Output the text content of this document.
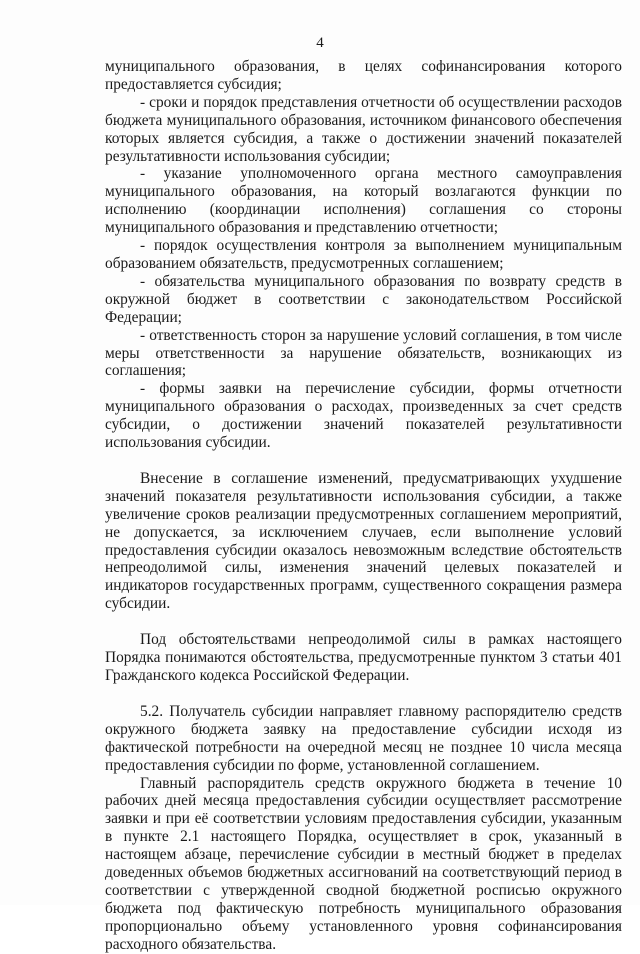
4

муниципального образования, в целях софинансирования которого предоставляется субсидия;

- сроки и порядок представления отчетности об осуществлении расходов бюджета муниципального образования, источником финансового обеспечения которых является субсидия, а также о достижении значений показателей результативности использования субсидии;

- указание уполномоченного органа местного самоуправления муниципального образования, на который возлагаются функции по исполнению (координации исполнения) соглашения со стороны муниципального образования и представлению отчетности;

- порядок осуществления контроля за выполнением муниципальным образованием обязательств, предусмотренных соглашением;

- обязательства муниципального образования по возврату средств в окружной бюджет в соответствии с законодательством Российской Федерации;

- ответственность сторон за нарушение условий соглашения, в том числе меры ответственности за нарушение обязательств, возникающих из соглашения;

- формы заявки на перечисление субсидии, формы отчетности муниципального образования о расходах, произведенных за счет средств субсидии, о достижении значений показателей результативности использования субсидии.

Внесение в соглашение изменений, предусматривающих ухудшение значений показателя результативности использования субсидии, а также увеличение сроков реализации предусмотренных соглашением мероприятий, не допускается, за исключением случаев, если выполнение условий предоставления субсидии оказалось невозможным вследствие обстоятельств непреодолимой силы, изменения значений целевых показателей и индикаторов государственных программ, существенного сокращения размера субсидии.

Под обстоятельствами непреодолимой силы в рамках настоящего Порядка понимаются обстоятельства, предусмотренные пунктом 3 статьи 401 Гражданского кодекса Российской Федерации.

5.2. Получатель субсидии направляет главному распорядителю средств окружного бюджета заявку на предоставление субсидии исходя из фактической потребности на очередной месяц не позднее 10 числа месяца предоставления субсидии по форме, установленной соглашением.

Главный распорядитель средств окружного бюджета в течение 10 рабочих дней месяца предоставления субсидии осуществляет рассмотрение заявки и при её соответствии условиям предоставления субсидии, указанным в пункте 2.1 настоящего Порядка, осуществляет в срок, указанный в настоящем абзаце, перечисление субсидии в местный бюджет в пределах доведенных объемов бюджетных ассигнований на соответствующий период в соответствии с утвержденной сводной бюджетной росписью окружного бюджета под фактическую потребность муниципального образования пропорционально объему установленного уровня софинансирования расходного обязательства.
